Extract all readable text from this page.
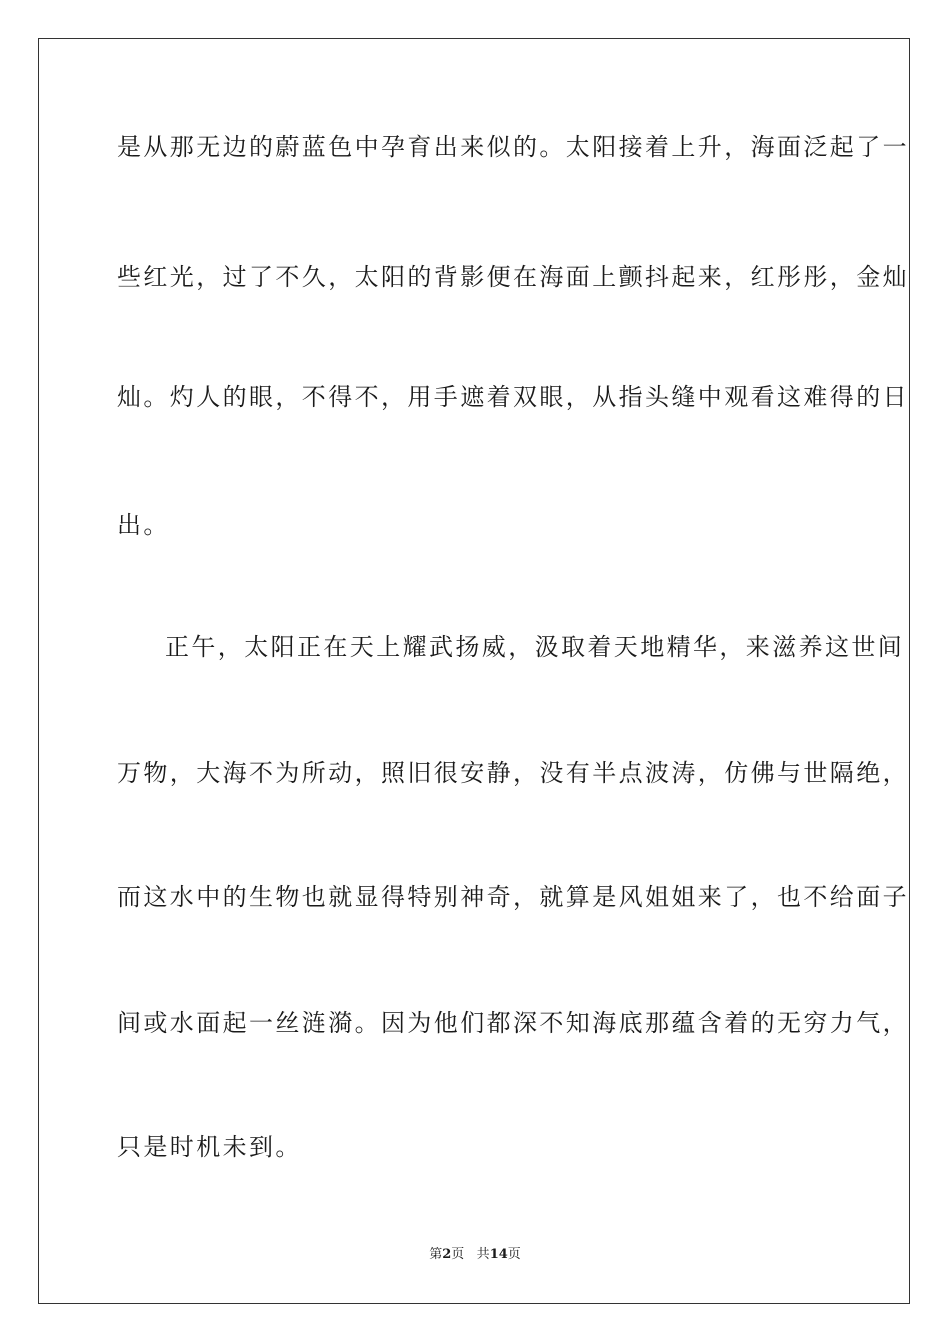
是从那无边的蔚蓝色中孕育出来似的。太阳接着上升，海面泛起了一
些红光，过了不久，太阳的背影便在海面上颤抖起来，红彤彤，金灿
灿。灼人的眼，不得不，用手遮着双眼，从指头缝中观看这难得的日
出。
正午，太阳正在天上耀武扬威，汲取着天地精华，来滋养这世间
万物，大海不为所动，照旧很安静，没有半点波涛，仿佛与世隔绝，
而这水中的生物也就显得特别神奇，就算是风姐姐来了，也不给面子
间或水面起一丝涟漪。因为他们都深不知海底那蕴含着的无穷力气，
只是时机未到。
第2页 共14页
